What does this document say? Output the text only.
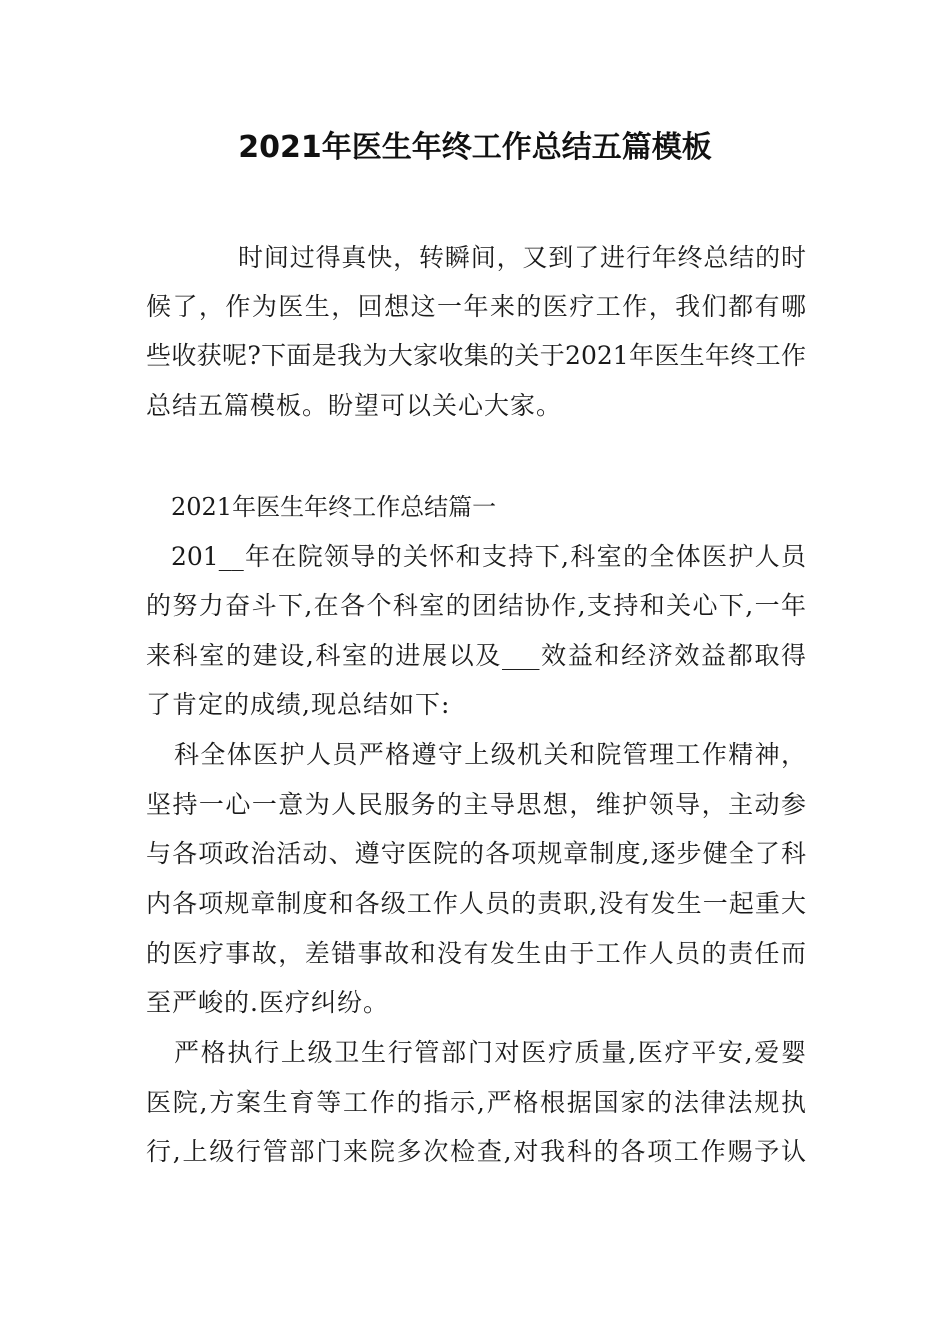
2021年医生年终工作总结五篇模板
时间过得真快，转瞬间，又到了进行年终总结的时
候了，作为医生，回想这一年来的医疗工作，我们都有哪
些收获呢?下面是我为大家收集的关于2021年医生年终工作
总结五篇模板。盼望可以关心大家。
2021年医生年终工作总结篇一
201__年在院领导的关怀和支持下,科室的全体医护人员
的努力奋斗下,在各个科室的团结协作,支持和关心下,一年
来科室的建设,科室的进展以及___效益和经济效益都取得
了肯定的成绩,现总结如下:
科全体医护人员严格遵守上级机关和院管理工作精神，
坚持一心一意为人民服务的主导思想，维护领导，主动参
与各项政治活动、遵守医院的各项规章制度,逐步健全了科
内各项规章制度和各级工作人员的责职,没有发生一起重大
的医疗事故，差错事故和没有发生由于工作人员的责任而
至严峻的.医疗纠纷。
严格执行上级卫生行管部门对医疗质量,医疗平安,爱婴
医院,方案生育等工作的指示,严格根据国家的法律法规执
行,上级行管部门来院多次检查,对我科的各项工作赐予认
